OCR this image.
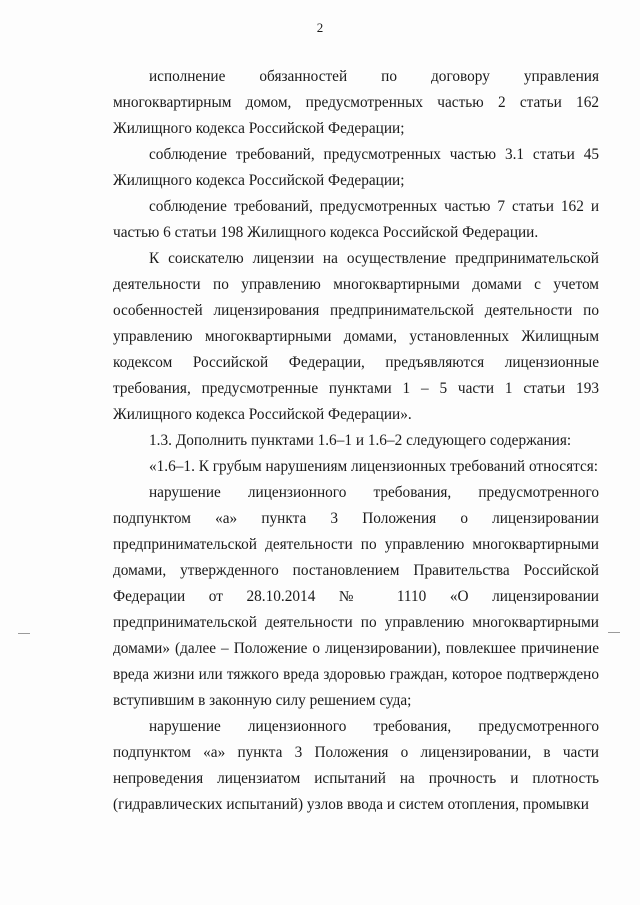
2

исполнение обязанностей по договору управления многоквартирным домом, предусмотренных частью 2 статьи 162 Жилищного кодекса Российской Федерации;

соблюдение требований, предусмотренных частью 3.1 статьи 45 Жилищного кодекса Российской Федерации;

соблюдение требований, предусмотренных частью 7 статьи 162 и частью 6 статьи 198 Жилищного кодекса Российской Федерации.

К соискателю лицензии на осуществление предпринимательской деятельности по управлению многоквартирными домами с учетом особенностей лицензирования предпринимательской деятельности по управлению многоквартирными домами, установленных Жилищным кодексом Российской Федерации, предъявляются лицензионные требования, предусмотренные пунктами 1 – 5 части 1 статьи 193 Жилищного кодекса Российской Федерации».

1.3. Дополнить пунктами 1.6–1 и 1.6–2 следующего содержания:

«1.6–1. К грубым нарушениям лицензионных требований относятся:

нарушение лицензионного требования, предусмотренного подпунктом «а» пункта 3 Положения о лицензировании предпринимательской деятельности по управлению многоквартирными домами, утвержденного постановлением Правительства Российской Федерации от 28.10.2014 № 1110 «О лицензировании предпринимательской деятельности по управлению многоквартирными домами» (далее – Положение о лицензировании), повлекшее причинение вреда жизни или тяжкого вреда здоровью граждан, которое подтверждено вступившим в законную силу решением суда;

нарушение лицензионного требования, предусмотренного подпунктом «а» пункта 3 Положения о лицензировании, в части непроведения лицензиатом испытаний на прочность и плотность (гидравлических испытаний) узлов ввода и систем отопления, промывки
